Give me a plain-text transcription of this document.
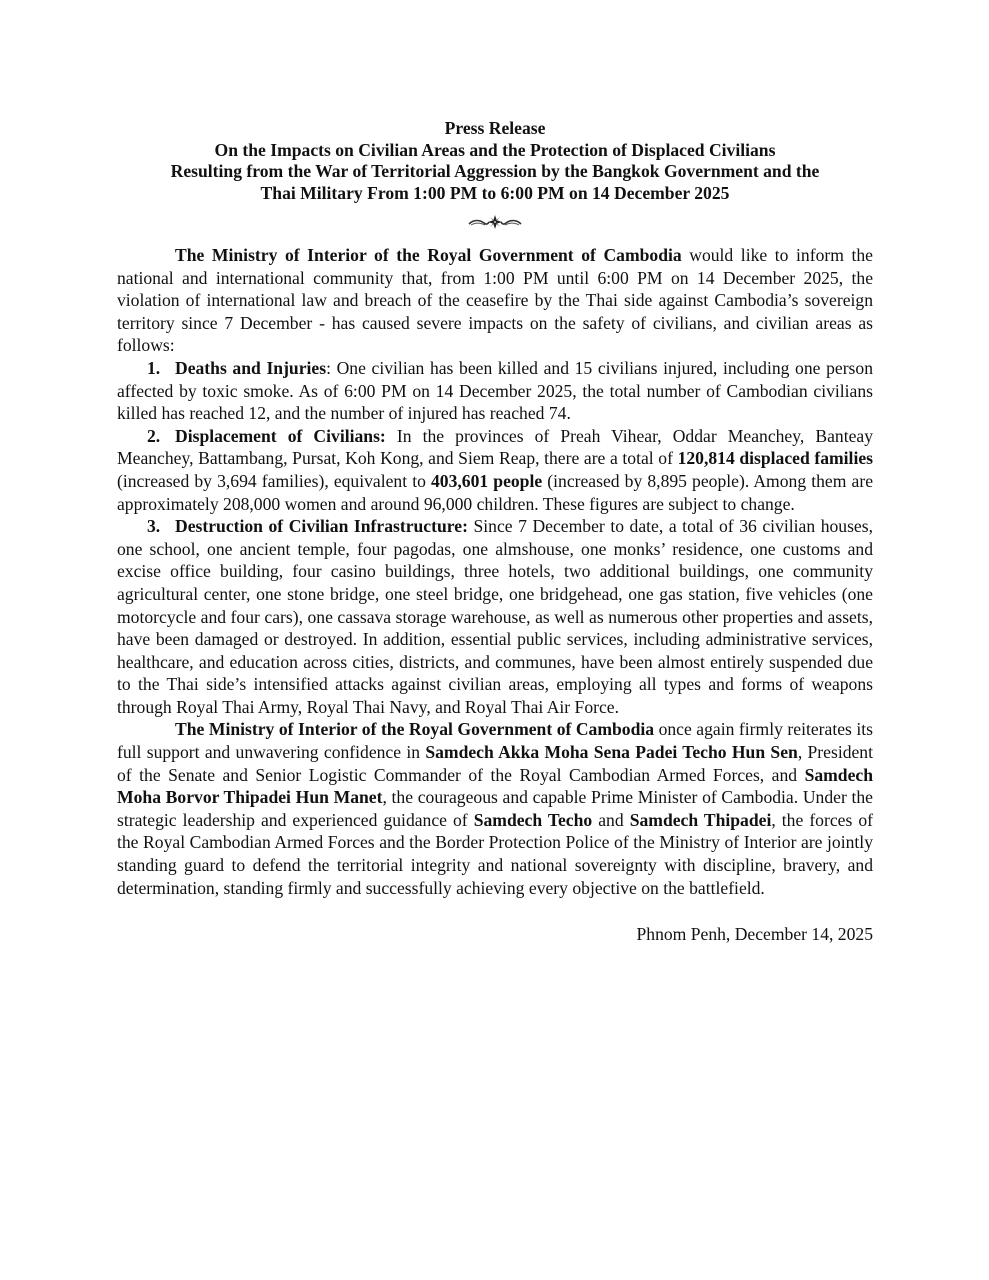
Press Release
On the Impacts on Civilian Areas and the Protection of Displaced Civilians
Resulting from the War of Territorial Aggression by the Bangkok Government and the
Thai Military From 1:00 PM to 6:00 PM on 14 December 2025

The Ministry of Interior of the Royal Government of Cambodia would like to inform the national and international community that, from 1:00 PM until 6:00 PM on 14 December 2025, the violation of international law and breach of the ceasefire by the Thai side against Cambodia’s sovereign territory since 7 December - has caused severe impacts on the safety of civilians, and civilian areas as follows:

1. Deaths and Injuries: One civilian has been killed and 15 civilians injured, including one person affected by toxic smoke. As of 6:00 PM on 14 December 2025, the total number of Cambodian civilians killed has reached 12, and the number of injured has reached 74.

2. Displacement of Civilians: In the provinces of Preah Vihear, Oddar Meanchey, Banteay Meanchey, Battambang, Pursat, Koh Kong, and Siem Reap, there are a total of 120,814 displaced families (increased by 3,694 families), equivalent to 403,601 people (increased by 8,895 people). Among them are approximately 208,000 women and around 96,000 children. These figures are subject to change.

3. Destruction of Civilian Infrastructure: Since 7 December to date, a total of 36 civilian houses, one school, one ancient temple, four pagodas, one almshouse, one monks’ residence, one customs and excise office building, four casino buildings, three hotels, two additional buildings, one community agricultural center, one stone bridge, one steel bridge, one bridgehead, one gas station, five vehicles (one motorcycle and four cars), one cassava storage warehouse, as well as numerous other properties and assets, have been damaged or destroyed. In addition, essential public services, including administrative services, healthcare, and education across cities, districts, and communes, have been almost entirely suspended due to the Thai side’s intensified attacks against civilian areas, employing all types and forms of weapons through Royal Thai Army, Royal Thai Navy, and Royal Thai Air Force.

The Ministry of Interior of the Royal Government of Cambodia once again firmly reiterates its full support and unwavering confidence in Samdech Akka Moha Sena Padei Techo Hun Sen, President of the Senate and Senior Logistic Commander of the Royal Cambodian Armed Forces, and Samdech Moha Borvor Thipadei Hun Manet, the courageous and capable Prime Minister of Cambodia. Under the strategic leadership and experienced guidance of Samdech Techo and Samdech Thipadei, the forces of the Royal Cambodian Armed Forces and the Border Protection Police of the Ministry of Interior are jointly standing guard to defend the territorial integrity and national sovereignty with discipline, bravery, and determination, standing firmly and successfully achieving every objective on the battlefield.

Phnom Penh, December 14, 2025
